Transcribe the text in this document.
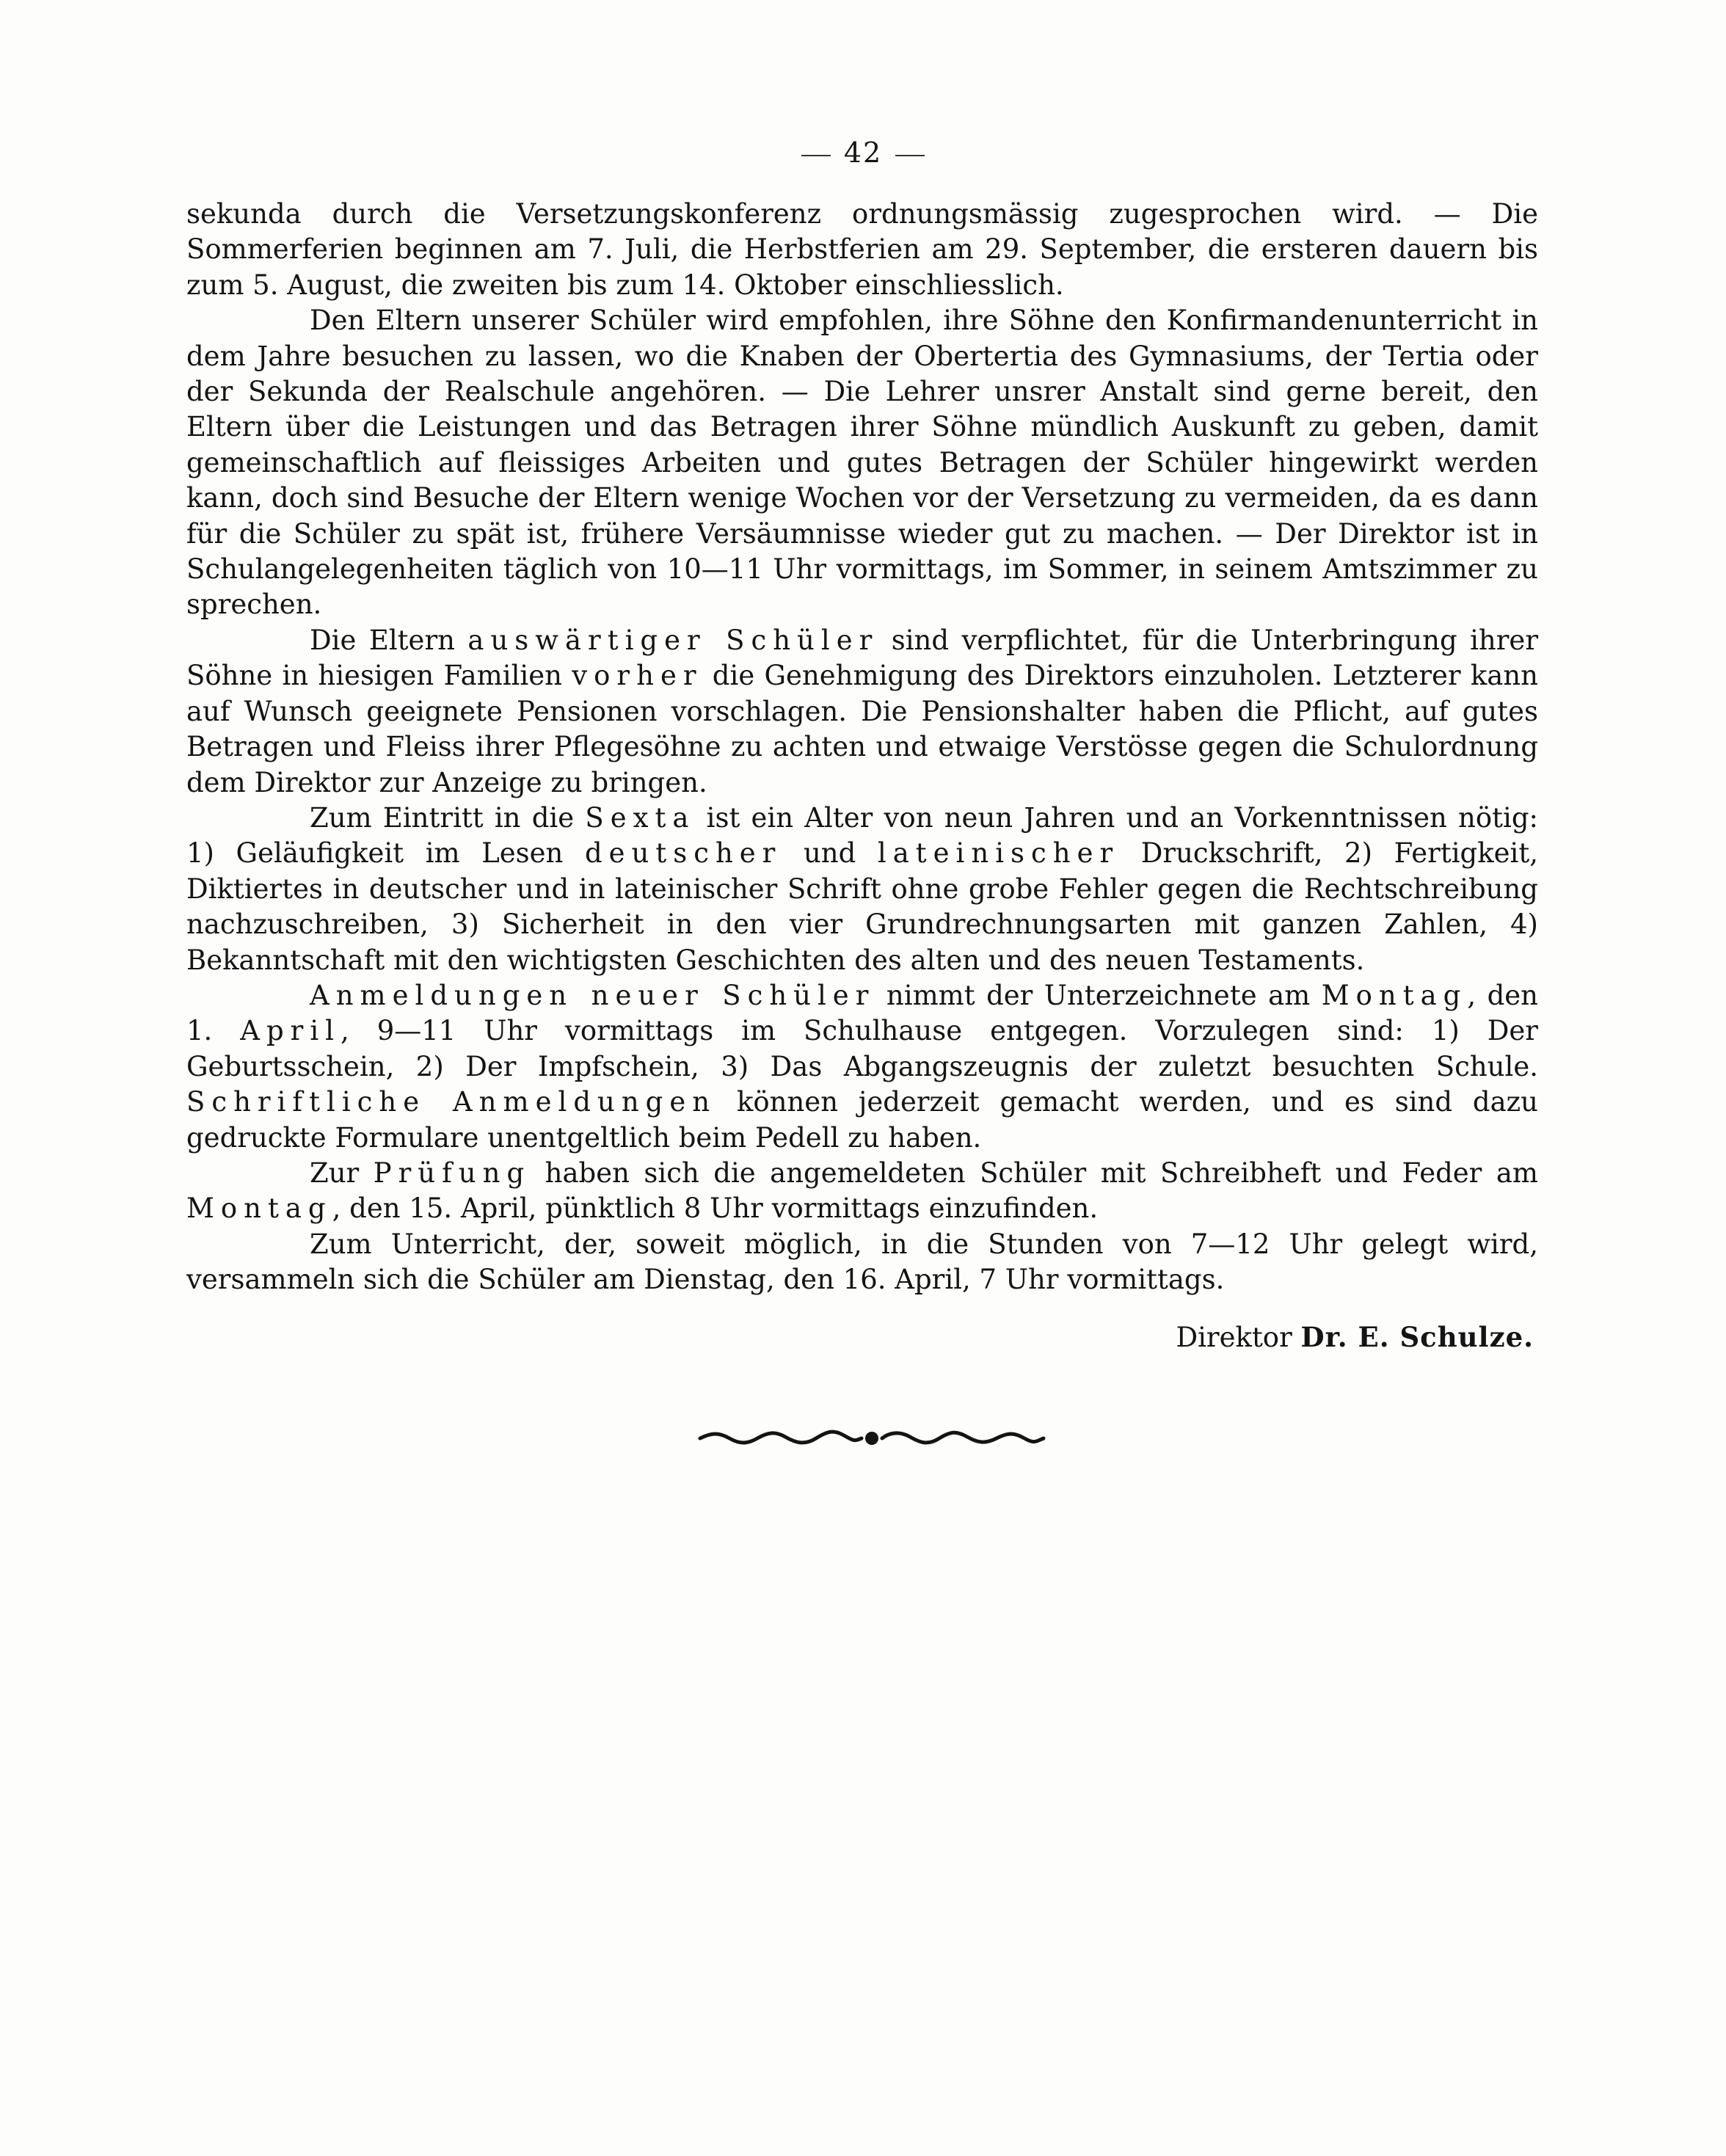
42

sekunda durch die Versetzungskonferenz ordnungsmässig zugesprochen wird. — Die Sommerferien beginnen am 7. Juli, die Herbstferien am 29. September, die ersteren dauern bis zum 5. August, die zweiten bis zum 14. Oktober einschliesslich.

Den Eltern unserer Schüler wird empfohlen, ihre Söhne den Konfirmandenunterricht in dem Jahre besuchen zu lassen, wo die Knaben der Obertertia des Gymnasiums, der Tertia oder der Sekunda der Realschule angehören. — Die Lehrer unsrer Anstalt sind gerne bereit, den Eltern über die Leistungen und das Betragen ihrer Söhne mündlich Auskunft zu geben, damit gemeinschaftlich auf fleissiges Arbeiten und gutes Betragen der Schüler hingewirkt werden kann, doch sind Besuche der Eltern wenige Wochen vor der Versetzung zu vermeiden, da es dann für die Schüler zu spät ist, frühere Versäumnisse wieder gut zu machen. — Der Direktor ist in Schulangelegenheiten täglich von 10—11 Uhr vormittags, im Sommer, in seinem Amtszimmer zu sprechen.

Die Eltern auswärtiger Schüler sind verpflichtet, für die Unterbringung ihrer Söhne in hiesigen Familien vorher die Genehmigung des Direktors einzuholen. Letzterer kann auf Wunsch geeignete Pensionen vorschlagen. Die Pensionshalter haben die Pflicht, auf gutes Betragen und Fleiss ihrer Pflegesöhne zu achten und etwaige Verstösse gegen die Schulordnung dem Direktor zur Anzeige zu bringen.

Zum Eintritt in die Sexta ist ein Alter von neun Jahren und an Vorkenntnissen nötig: 1) Geläufigkeit im Lesen deutscher und lateinischer Druckschrift, 2) Fertigkeit, Diktiertes in deutscher und in lateinischer Schrift ohne grobe Fehler gegen die Rechtschreibung nachzuschreiben, 3) Sicherheit in den vier Grundrechnungsarten mit ganzen Zahlen, 4) Bekanntschaft mit den wichtigsten Geschichten des alten und des neuen Testaments.

Anmeldungen neuer Schüler nimmt der Unterzeichnete am Montag, den 1. April, 9—11 Uhr vormittags im Schulhause entgegen. Vorzulegen sind: 1) Der Geburtsschein, 2) Der Impfschein, 3) Das Abgangszeugnis der zuletzt besuchten Schule. Schriftliche Anmeldungen können jederzeit gemacht werden, und es sind dazu gedruckte Formulare unentgeltlich beim Pedell zu haben.

Zur Prüfung haben sich die angemeldeten Schüler mit Schreibheft und Feder am Montag, den 15. April, pünktlich 8 Uhr vormittags einzufinden.

Zum Unterricht, der, soweit möglich, in die Stunden von 7—12 Uhr gelegt wird, versammeln sich die Schüler am Dienstag, den 16. April, 7 Uhr vormittags.

Direktor Dr. E. Schulze.
